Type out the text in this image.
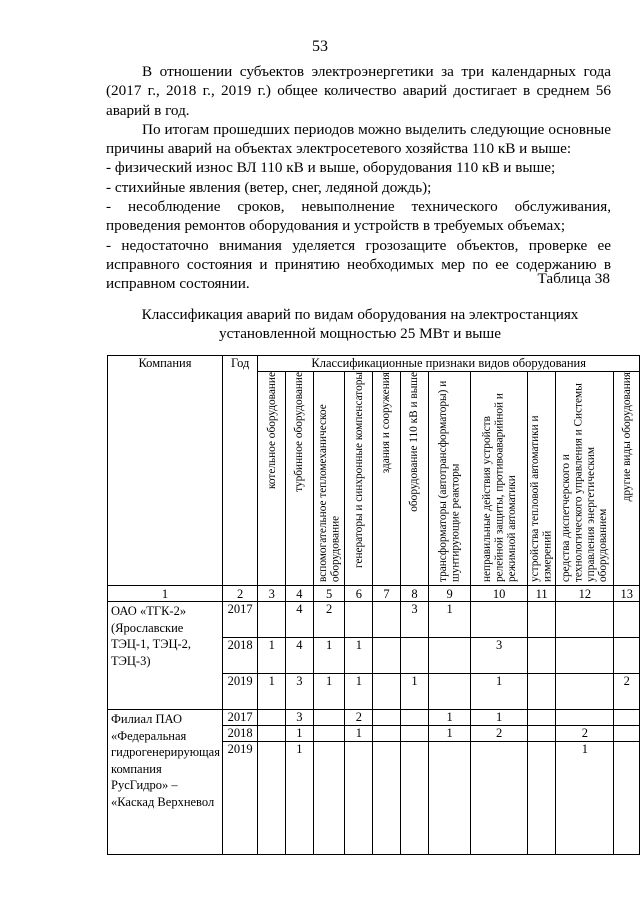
53

В отношении субъектов электроэнергетики за три календарных года (2017 г., 2018 г., 2019 г.) общее количество аварий достигает в среднем 56 аварий в год.

По итогам прошедших периодов можно выделить следующие основные причины аварий на объектах электросетевого хозяйства 110 кВ и выше:

- физический износ ВЛ 110 кВ и выше, оборудования 110 кВ и выше;

- стихийные явления (ветер, снег, ледяной дождь);

- несоблюдение сроков, невыполнение технического обслуживания, проведения ремонтов оборудования и устройств в требуемых объемах;

- недостаточно внимания уделяется грозозащите объектов, проверке ее исправного состояния и принятию необходимых мер по ее содержанию в исправном состоянии.	Таблица 38
Классификация аварий по видам оборудования на электростанциях установленной мощностью 25 МВт и выше
Компания	Год	Классификационные признаки видов оборудования										

		котельное оборудование	турбинное оборудование	вспомогательное тепломеханическое оборудование	генераторы и синхронные компенсаторы	здания и сооружения	оборудование 110 кВ и выше	трансформаторы (автотрансформаторы) и шунтирующие реакторы	неправильные действия устройств релейной защиты, противоаварийной и режимной автоматики	устройства тепловой автоматики и измерений	средства диспетчерского и технологического управления и Системы управления энергетическим оборудованием	другие виды оборудования

1	2	3	4	5	6	7	8	9	10	11	12	13
ОАО «ТГК-2» (Ярославские ТЭЦ-1, ТЭЦ-2, ТЭЦ-3)	2017		4	2			3	1				
	2018	1	4	1	1				3			
	2019	1	3	1	1		1		1			2
Филиал ПАО «Федеральная гидрогенерирующая компания РусГидро» – «Каскад Верхневол	2017		3		2			1	1			
	2018		1		1			1	2		2	
	2019		1								1	
